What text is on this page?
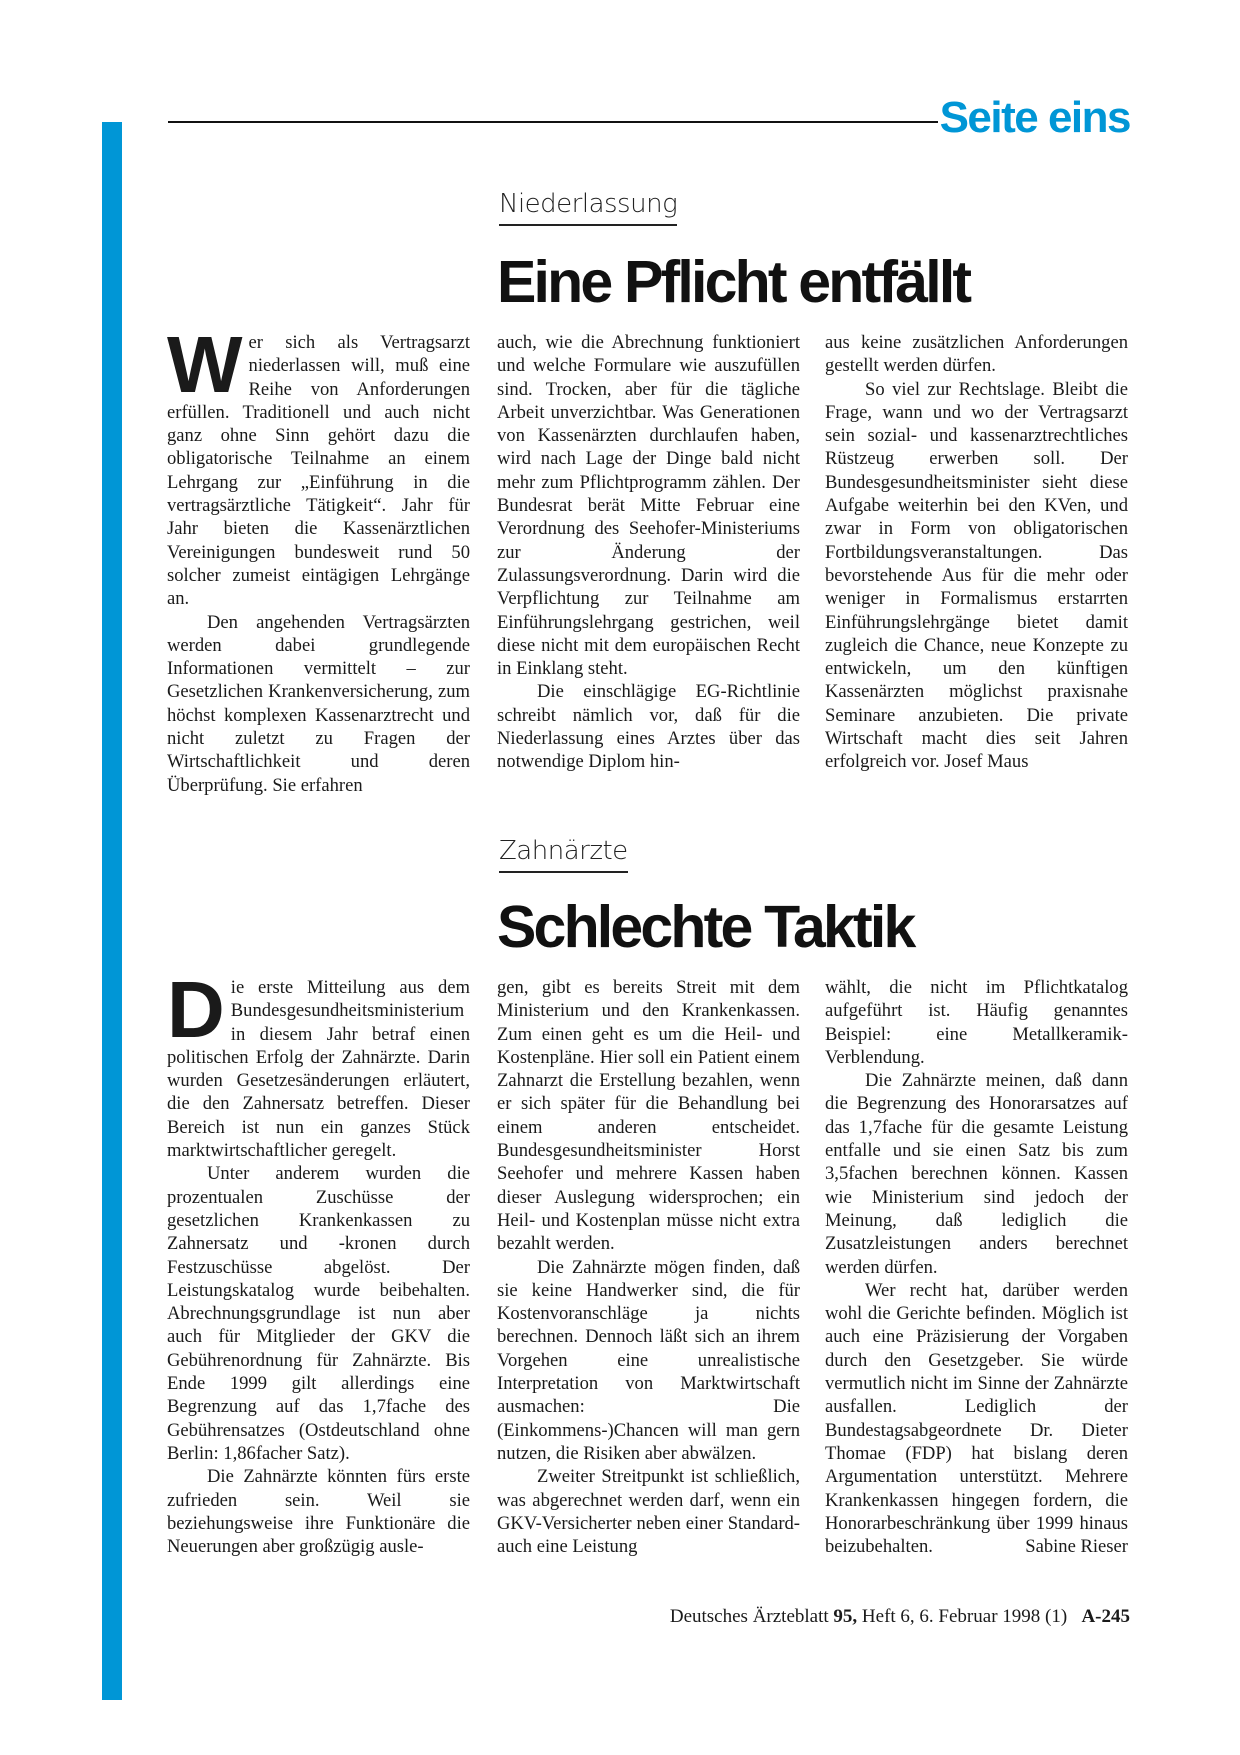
Seite eins
Niederlassung
Eine Pflicht entfällt

Wer sich als Vertragsarzt niederlassen will, muß eine Reihe von Anforderungen erfüllen. Traditionell und auch nicht ganz ohne Sinn gehört dazu die obligatorische Teilnahme an einem Lehrgang zur „Einführung in die vertragsärztliche Tätigkeit“. Jahr für Jahr bieten die Kassenärztlichen Vereinigungen bundesweit rund 50 solcher zumeist eintägigen Lehrgänge an.

Den angehenden Vertragsärzten werden dabei grundlegende Informationen vermittelt – zur Gesetzlichen Krankenversicherung, zum höchst komplexen Kassenarztrecht und nicht zuletzt zu Fragen der Wirtschaftlichkeit und deren Überprüfung. Sie erfahren

auch, wie die Abrechnung funktioniert und welche Formulare wie auszufüllen sind. Trocken, aber für die tägliche Arbeit unverzichtbar. Was Generationen von Kassenärzten durchlaufen haben, wird nach Lage der Dinge bald nicht mehr zum Pflichtprogramm zählen. Der Bundesrat berät Mitte Februar eine Verordnung des Seehofer-Ministeriums zur Änderung der Zulassungsverordnung. Darin wird die Verpflichtung zur Teilnahme am Einführungslehrgang gestrichen, weil diese nicht mit dem europäischen Recht in Einklang steht.

Die einschlägige EG-Richtlinie schreibt nämlich vor, daß für die Niederlassung eines Arztes über das notwendige Diplom hin-

aus keine zusätzlichen Anforderungen gestellt werden dürfen.

So viel zur Rechtslage. Bleibt die Frage, wann und wo der Vertragsarzt sein sozial- und kassenarztrechtliches Rüstzeug erwerben soll. Der Bundesgesundheitsminister sieht diese Aufgabe weiterhin bei den KVen, und zwar in Form von obligatorischen Fortbildungsveranstaltungen. Das bevorstehende Aus für die mehr oder weniger in Formalismus erstarrten Einführungslehrgänge bietet damit zugleich die Chance, neue Konzepte zu entwickeln, um den künftigen Kassenärzten möglichst praxisnahe Seminare anzubieten. Die private Wirtschaft macht dies seit Jahren erfolgreich vor. Josef Maus

Zahnärzte
Schlechte Taktik

Die erste Mitteilung aus dem Bundesgesundheitsministerium in diesem Jahr betraf einen politischen Erfolg der Zahnärzte. Darin wurden Gesetzesänderungen erläutert, die den Zahnersatz betreffen. Dieser Bereich ist nun ein ganzes Stück marktwirtschaftlicher geregelt.

Unter anderem wurden die prozentualen Zuschüsse der gesetzlichen Krankenkassen zu Zahnersatz und -kronen durch Festzuschüsse abgelöst. Der Leistungskatalog wurde beibehalten. Abrechnungsgrundlage ist nun aber auch für Mitglieder der GKV die Gebührenordnung für Zahnärzte. Bis Ende 1999 gilt allerdings eine Begrenzung auf das 1,7fache des Gebührensatzes (Ostdeutschland ohne Berlin: 1,86facher Satz).

Die Zahnärzte könnten fürs erste zufrieden sein. Weil sie beziehungsweise ihre Funktionäre die Neuerungen aber großzügig ausle-

gen, gibt es bereits Streit mit dem Ministerium und den Krankenkassen. Zum einen geht es um die Heil- und Kostenpläne. Hier soll ein Patient einem Zahnarzt die Erstellung bezahlen, wenn er sich später für die Behandlung bei einem anderen entscheidet. Bundesgesundheitsminister Horst Seehofer und mehrere Kassen haben dieser Auslegung widersprochen; ein Heil- und Kostenplan müsse nicht extra bezahlt werden.

Die Zahnärzte mögen finden, daß sie keine Handwerker sind, die für Kostenvoranschläge ja nichts berechnen. Dennoch läßt sich an ihrem Vorgehen eine unrealistische Interpretation von Marktwirtschaft ausmachen: Die (Einkommens-)Chancen will man gern nutzen, die Risiken aber abwälzen.

Zweiter Streitpunkt ist schließlich, was abgerechnet werden darf, wenn ein GKV-Versicherter neben einer Standard- auch eine Leistung

wählt, die nicht im Pflichtkatalog aufgeführt ist. Häufig genanntes Beispiel: eine Metallkeramik-Verblendung.

Die Zahnärzte meinen, daß dann die Begrenzung des Honorarsatzes auf das 1,7fache für die gesamte Leistung entfalle und sie einen Satz bis zum 3,5fachen berechnen können. Kassen wie Ministerium sind jedoch der Meinung, daß lediglich die Zusatzleistungen anders berechnet werden dürfen.

Wer recht hat, darüber werden wohl die Gerichte befinden. Möglich ist auch eine Präzisierung der Vorgaben durch den Gesetzgeber. Sie würde vermutlich nicht im Sinne der Zahnärzte ausfallen. Lediglich der Bundestagsabgeordnete Dr. Dieter Thomae (FDP) hat bislang deren Argumentation unterstützt. Mehrere Krankenkassen hingegen fordern, die Honorarbeschränkung über 1999 hinaus beizubehalten.	Sabine Rieser

Deutsches Ärzteblatt 95, Heft 6, 6. Februar 1998 (1) A-245
